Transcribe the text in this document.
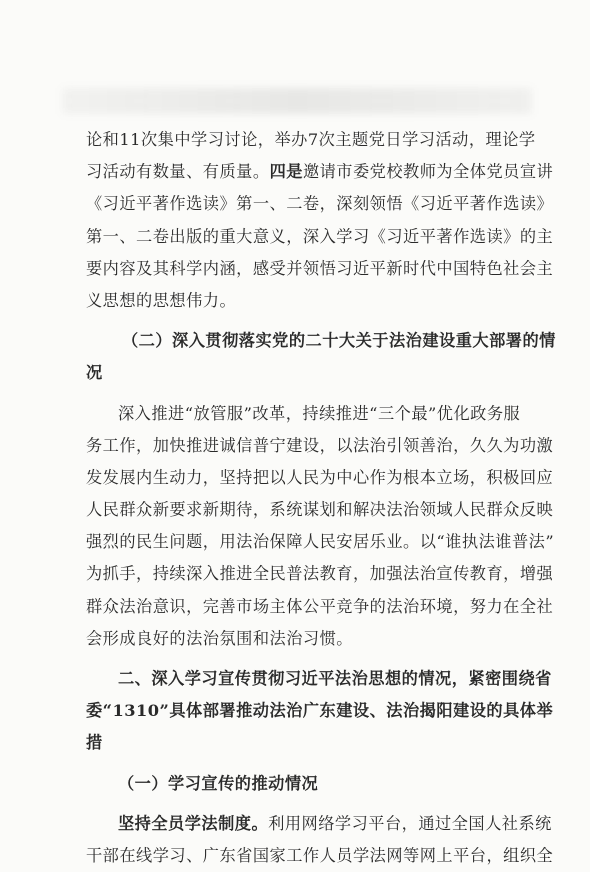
论和11次集中学习讨论，举办7次主题党日学习活动，理论学
习活动有数量、有质量。四是邀请市委党校教师为全体党员宣讲
《习近平著作选读》第一、二卷，深刻领悟《习近平著作选读》
第一、二卷出版的重大意义，深入学习《习近平著作选读》的主
要内容及其科学内涵，感受并领悟习近平新时代中国特色社会主
义思想的思想伟力。
（二）深入贯彻落实党的二十大关于法治建设重大部署的情
况
深入推进“放管服”改革，持续推进“三个最”优化政务服
务工作，加快推进诚信普宁建设，以法治引领善治，久久为功激
发发展内生动力，坚持把以人民为中心作为根本立场，积极回应
人民群众新要求新期待，系统谋划和解决法治领域人民群众反映
强烈的民生问题，用法治保障人民安居乐业。以“谁执法谁普法”
为抓手，持续深入推进全民普法教育，加强法治宣传教育，增强
群众法治意识，完善市场主体公平竞争的法治环境，努力在全社
会形成良好的法治氛围和法治习惯。
二、深入学习宣传贯彻习近平法治思想的情况，紧密围绕省
委“1310”具体部署推动法治广东建设、法治揭阳建设的具体举
措
（一）学习宣传的推动情况
坚持全员学法制度。利用网络学习平台，通过全国人社系统
干部在线学习、广东省国家工作人员学法网等网上平台，组织全
